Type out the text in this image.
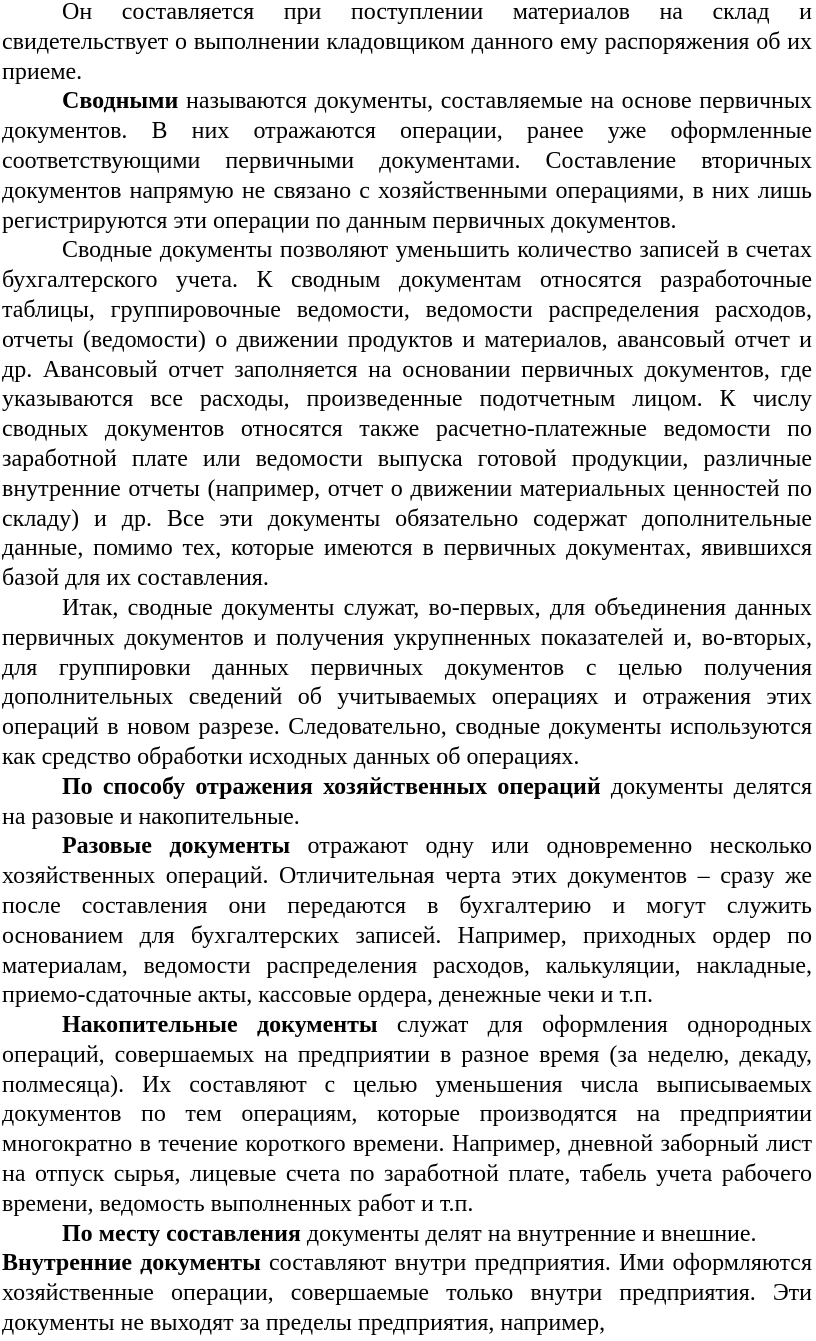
Он составляется при поступлении материалов на склад и свидетельствует о выполнении кладовщиком данного ему распоряжения об их приеме.

Сводными называются документы, составляемые на основе первичных документов. В них отражаются операции, ранее уже оформленные соответствующими первичными документами. Составление вторичных документов напрямую не связано с хозяйственными операциями, в них лишь регистрируются эти операции по данным первичных документов.

Сводные документы позволяют уменьшить количество записей в счетах бухгалтерского учета. К сводным документам относятся разработочные таблицы, группировочные ведомости, ведомости распределения расходов, отчеты (ведомости) о движении продуктов и материалов, авансовый отчет и др. Авансовый отчет заполняется на основании первичных документов, где указываются все расходы, произведенные подотчетным лицом. К числу сводных документов относятся также расчетно-платежные ведомости по заработной плате или ведомости выпуска готовой продукции, различные внутренние отчеты (например, отчет о движении материальных ценностей по складу) и др. Все эти документы обязательно содержат дополнительные данные, помимо тех, которые имеются в первичных документах, явившихся базой для их составления.

Итак, сводные документы служат, во-первых, для объединения данных первичных документов и получения укрупненных показателей и, во-вторых, для группировки данных первичных документов с целью получения дополнительных сведений об учитываемых операциях и отражения этих операций в новом разрезе. Следовательно, сводные документы используются как средство обработки исходных данных об операциях.

По способу отражения хозяйственных операций документы делятся на разовые и накопительные.

Разовые документы отражают одну или одновременно несколько хозяйственных операций. Отличительная черта этих документов – сразу же после составления они передаются в бухгалтерию и могут служить основанием для бухгалтерских записей. Например, приходных ордер по материалам, ведомости распределения расходов, калькуляции, накладные, приемо-сдаточные акты, кассовые ордера, денежные чеки и т.п.

Накопительные документы служат для оформления однородных операций, совершаемых на предприятии в разное время (за неделю, декаду, полмесяца). Их составляют с целью уменьшения числа выписываемых документов по тем операциям, которые производятся на предприятии многократно в течение короткого времени. Например, дневной заборный лист на отпуск сырья, лицевые счета по заработной плате, табель учета рабочего времени, ведомость выполненных работ и т.п.

По месту составления документы делят на внутренние и внешние.

Внутренние документы составляют внутри предприятия. Ими оформляются хозяйственные операции, совершаемые только внутри предприятия. Эти документы не выходят за пределы предприятия, например,
